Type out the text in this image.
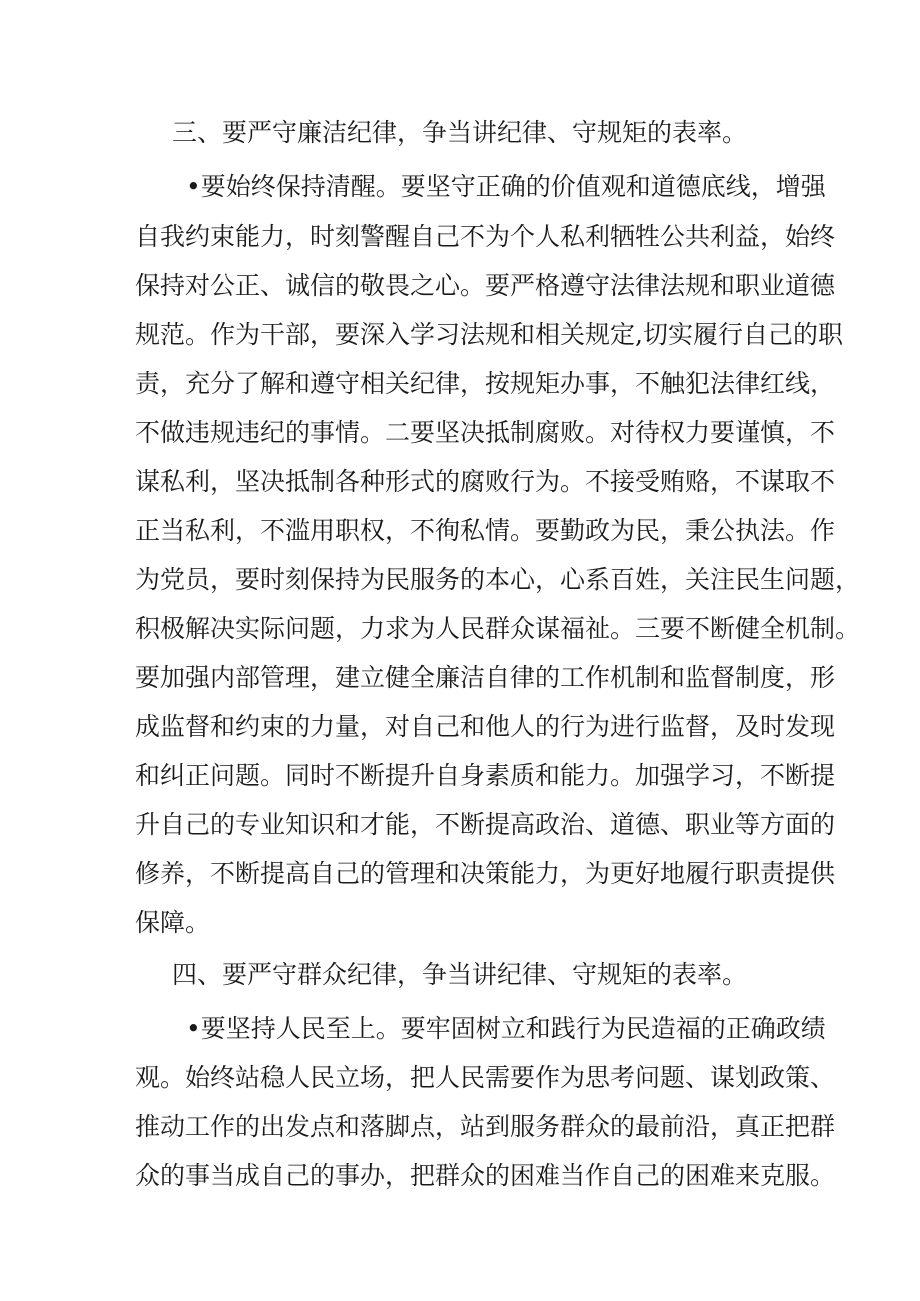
三、要严守廉洁纪律，争当讲纪律、守规矩的表率。
•要始终保持清醒。要坚守正确的价值观和道德底线，增强
自我约束能力，时刻警醒自己不为个人私利牺牲公共利益，始终
保持对公正、诚信的敬畏之心。要严格遵守法律法规和职业道德
规范。作为干部，要深入学习法规和相关规定,切实履行自己的职
责，充分了解和遵守相关纪律，按规矩办事，不触犯法律红线，
不做违规违纪的事情。二要坚决抵制腐败。对待权力要谨慎，不
谋私利，坚决抵制各种形式的腐败行为。不接受贿赂，不谋取不
正当私利，不滥用职权，不徇私情。要勤政为民，秉公执法。作
为党员，要时刻保持为民服务的本心，心系百姓，关注民生问题，
积极解决实际问题，力求为人民群众谋福祉。三要不断健全机制。
要加强内部管理，建立健全廉洁自律的工作机制和监督制度，形
成监督和约束的力量，对自己和他人的行为进行监督，及时发现
和纠正问题。同时不断提升自身素质和能力。加强学习，不断提
升自己的专业知识和才能，不断提高政治、道德、职业等方面的
修养，不断提高自己的管理和决策能力，为更好地履行职责提供
保障。
四、要严守群众纪律，争当讲纪律、守规矩的表率。
•要坚持人民至上。要牢固树立和践行为民造福的正确政绩
观。始终站稳人民立场，把人民需要作为思考问题、谋划政策、
推动工作的出发点和落脚点，站到服务群众的最前沿，真正把群
众的事当成自己的事办，把群众的困难当作自己的困难来克服。
